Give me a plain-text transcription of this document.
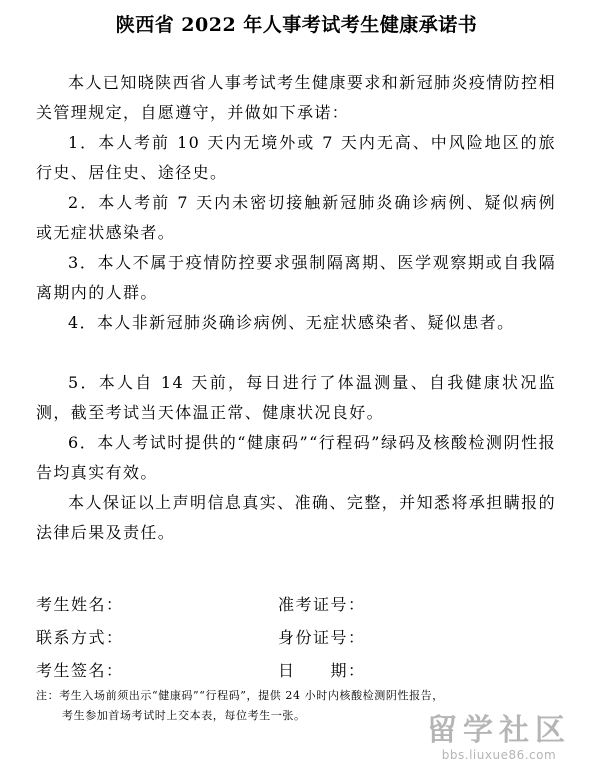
陕西省 2022 年人事考试考生健康承诺书
本人已知晓陕西省人事考试考生健康要求和新冠肺炎疫情防控相关管理规定，自愿遵守，并做如下承诺：
1．本人考前 10 天内无境外或 7 天内无高、中风险地区的旅行史、居住史、途径史。
2．本人考前 7 天内未密切接触新冠肺炎确诊病例、疑似病例或无症状感染者。
3．本人不属于疫情防控要求强制隔离期、医学观察期或自我隔离期内的人群。
4．本人非新冠肺炎确诊病例、无症状感染者、疑似患者。
5．本人自 14 天前，每日进行了体温测量、自我健康状况监测，截至考试当天体温正常、健康状况良好。
6．本人考试时提供的“健康码”“行程码”绿码及核酸检测阴性报告均真实有效。
本人保证以上声明信息真实、准确、完整，并知悉将承担瞒报的法律后果及责任。
考生姓名：	准考证号：
联系方式：	身份证号：
考生签名：	日　　期：
注：考生入场前须出示“健康码”“行程码”，提供 24 小时内核酸检测阴性报告，
考生参加首场考试时上交本表，每位考生一张。	留学社区
bbs.liuxue86.com
